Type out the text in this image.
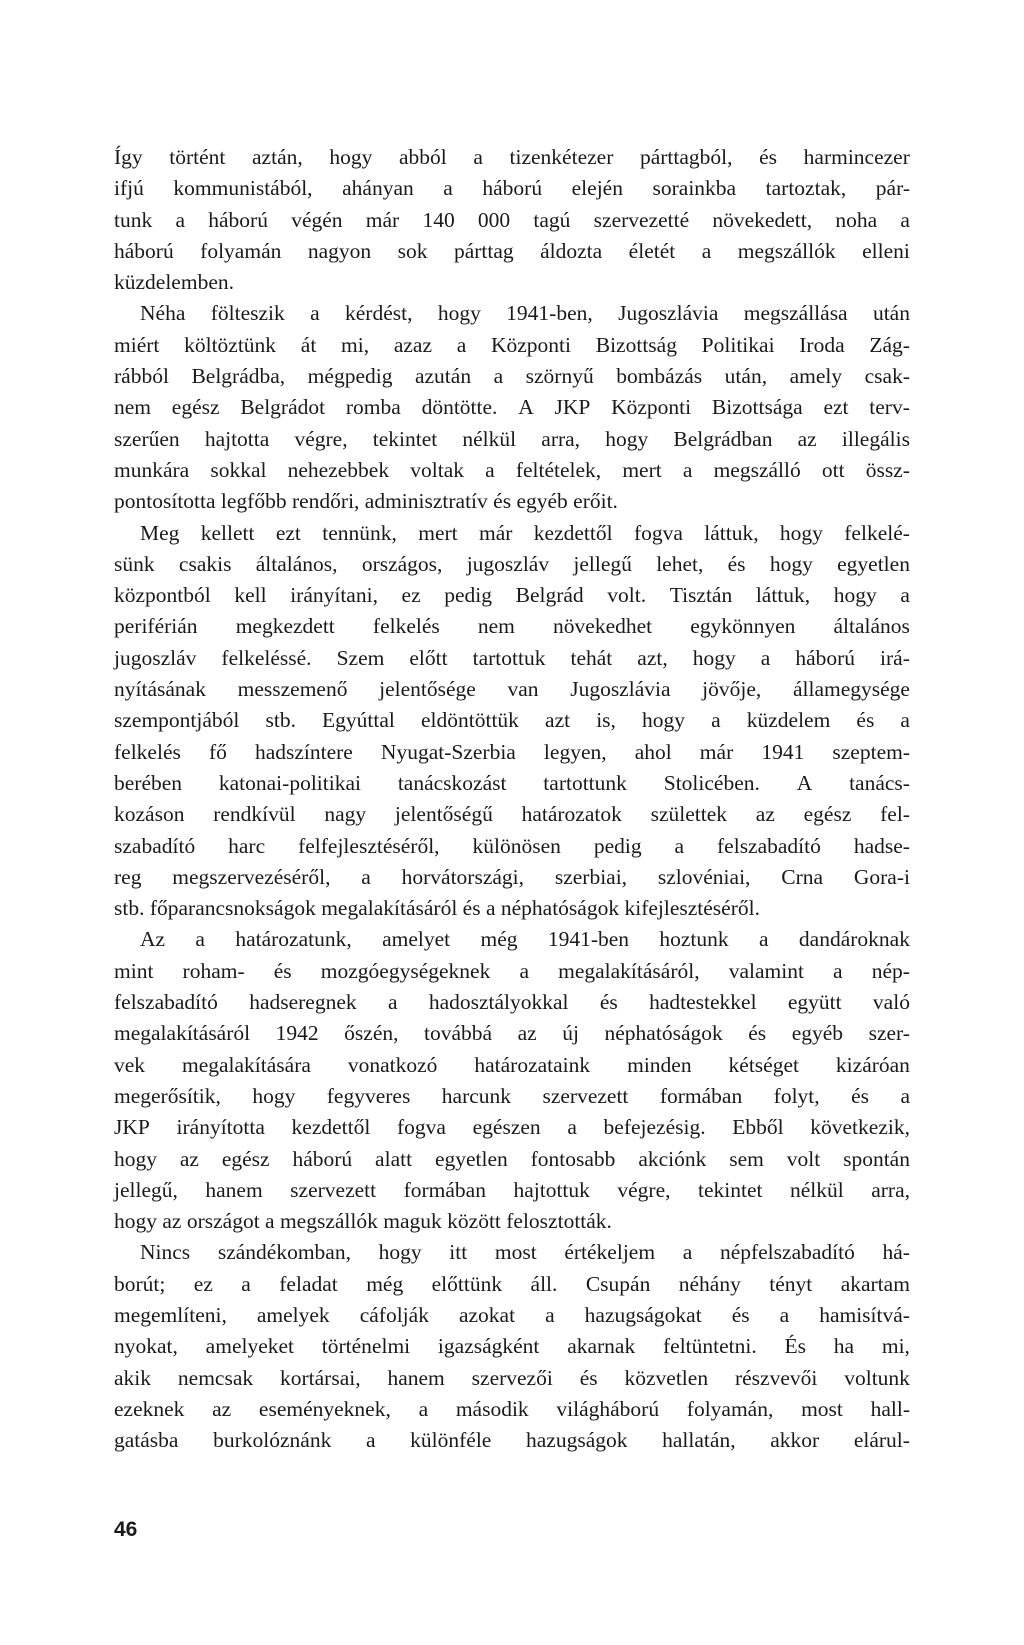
Így történt aztán, hogy abból a tizenkétezer párttagból, és harmincezer
ifjú kommunistából, ahányan a háború elején sorainkba tartoztak, pár-
tunk a háború végén már 140 000 tagú szervezetté növekedett, noha a
háború folyamán nagyon sok párttag áldozta életét a megszállók elleni
küzdelemben.
Néha fölteszik a kérdést, hogy 1941-ben, Jugoszlávia megszállása után
miért költöztünk át mi, azaz a Központi Bizottság Politikai Iroda Zág-
rábból Belgrádba, mégpedig azután a szörnyű bombázás után, amely csak-
nem egész Belgrádot romba döntötte. A JKP Központi Bizottsága ezt terv-
szerűen hajtotta végre, tekintet nélkül arra, hogy Belgrádban az illegális
munkára sokkal nehezebbek voltak a feltételek, mert a megszálló ott össz-
pontosította legfőbb rendőri, adminisztratív és egyéb erőit.
Meg kellett ezt tennünk, mert már kezdettől fogva láttuk, hogy felkelé-
sünk csakis általános, országos, jugoszláv jellegű lehet, és hogy egyetlen
központból kell irányítani, ez pedig Belgrád volt. Tisztán láttuk, hogy a
periférián megkezdett felkelés nem növekedhet egykönnyen általános
jugoszláv felkeléssé. Szem előtt tartottuk tehát azt, hogy a háború irá-
nyításának messzemenő jelentősége van Jugoszlávia jövője, államegysége
szempontjából stb. Egyúttal eldöntöttük azt is, hogy a küzdelem és a
felkelés fő hadszíntere Nyugat-Szerbia legyen, ahol már 1941 szeptem-
berében katonai-politikai tanácskozást tartottunk Stolicében. A tanács-
kozáson rendkívül nagy jelentőségű határozatok születtek az egész fel-
szabadító harc felfejlesztéséről, különösen pedig a felszabadító hadse-
reg megszervezéséről, a horvátországi, szerbiai, szlovéniai, Crna Gora-i
stb. főparancsnokságok megalakításáról és a néphatóságok kifejlesztéséről.
Az a határozatunk, amelyet még 1941-ben hoztunk a dandároknak
mint roham- és mozgóegységeknek a megalakításáról, valamint a nép-
felszabadító hadseregnek a hadosztályokkal és hadtestekkel együtt való
megalakításáról 1942 őszén, továbbá az új néphatóságok és egyéb szer-
vek megalakítására vonatkozó határozataink minden kétséget kizáróan
megerősítik, hogy fegyveres harcunk szervezett formában folyt, és a
JKP irányította kezdettől fogva egészen a befejezésig. Ebből következik,
hogy az egész háború alatt egyetlen fontosabb akciónk sem volt spontán
jellegű, hanem szervezett formában hajtottuk végre, tekintet nélkül arra,
hogy az országot a megszállók maguk között felosztották.
Nincs szándékomban, hogy itt most értékeljem a népfelszabadító há-
borút; ez a feladat még előttünk áll. Csupán néhány tényt akartam
megemlíteni, amelyek cáfolják azokat a hazugságokat és a hamisítvá-
nyokat, amelyeket történelmi igazságként akarnak feltüntetni. És ha mi,
akik nemcsak kortársai, hanem szervezői és közvetlen részvevői voltunk
ezeknek az eseményeknek, a második világháború folyamán, most hall-
gatásba burkolóznánk a különféle hazugságok hallatán, akkor elárul-
46
